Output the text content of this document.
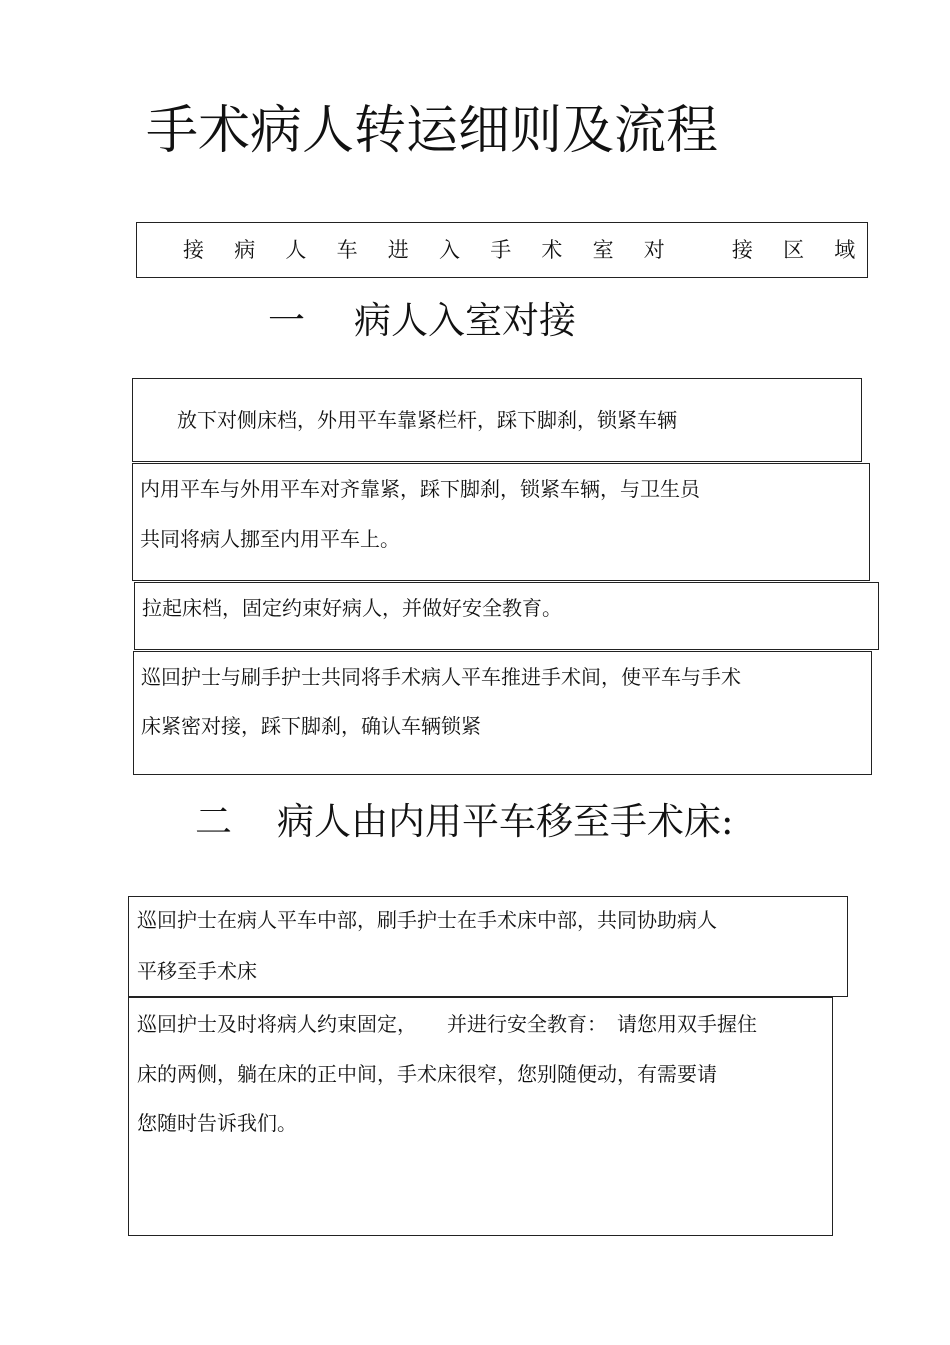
手术病人转运细则及流程
接病人车进入手术室对 接区域
一 病人入室对接

放下对侧床档，外用平车靠紧栏杆，踩下脚刹，锁紧车辆

内用平车与外用平车对齐靠紧，踩下脚刹，锁紧车辆，与卫生员

共同将病人挪至内用平车上。

拉起床档，固定约束好病人，并做好安全教育。

巡回护士与刷手护士共同将手术病人平车推进手术间，使平车与手术

床紧密对接，踩下脚刹，确认车辆锁紧

二 病人由内用平车移至手术床:

巡回护士在病人平车中部，刷手护士在手术床中部，共同协助病人

平移至手术床

巡回护士及时将病人约束固定，　　并进行安全教育：　请您用双手握住

床的两侧，躺在床的正中间，手术床很窄，您别随便动，有需要请

您随时告诉我们。
